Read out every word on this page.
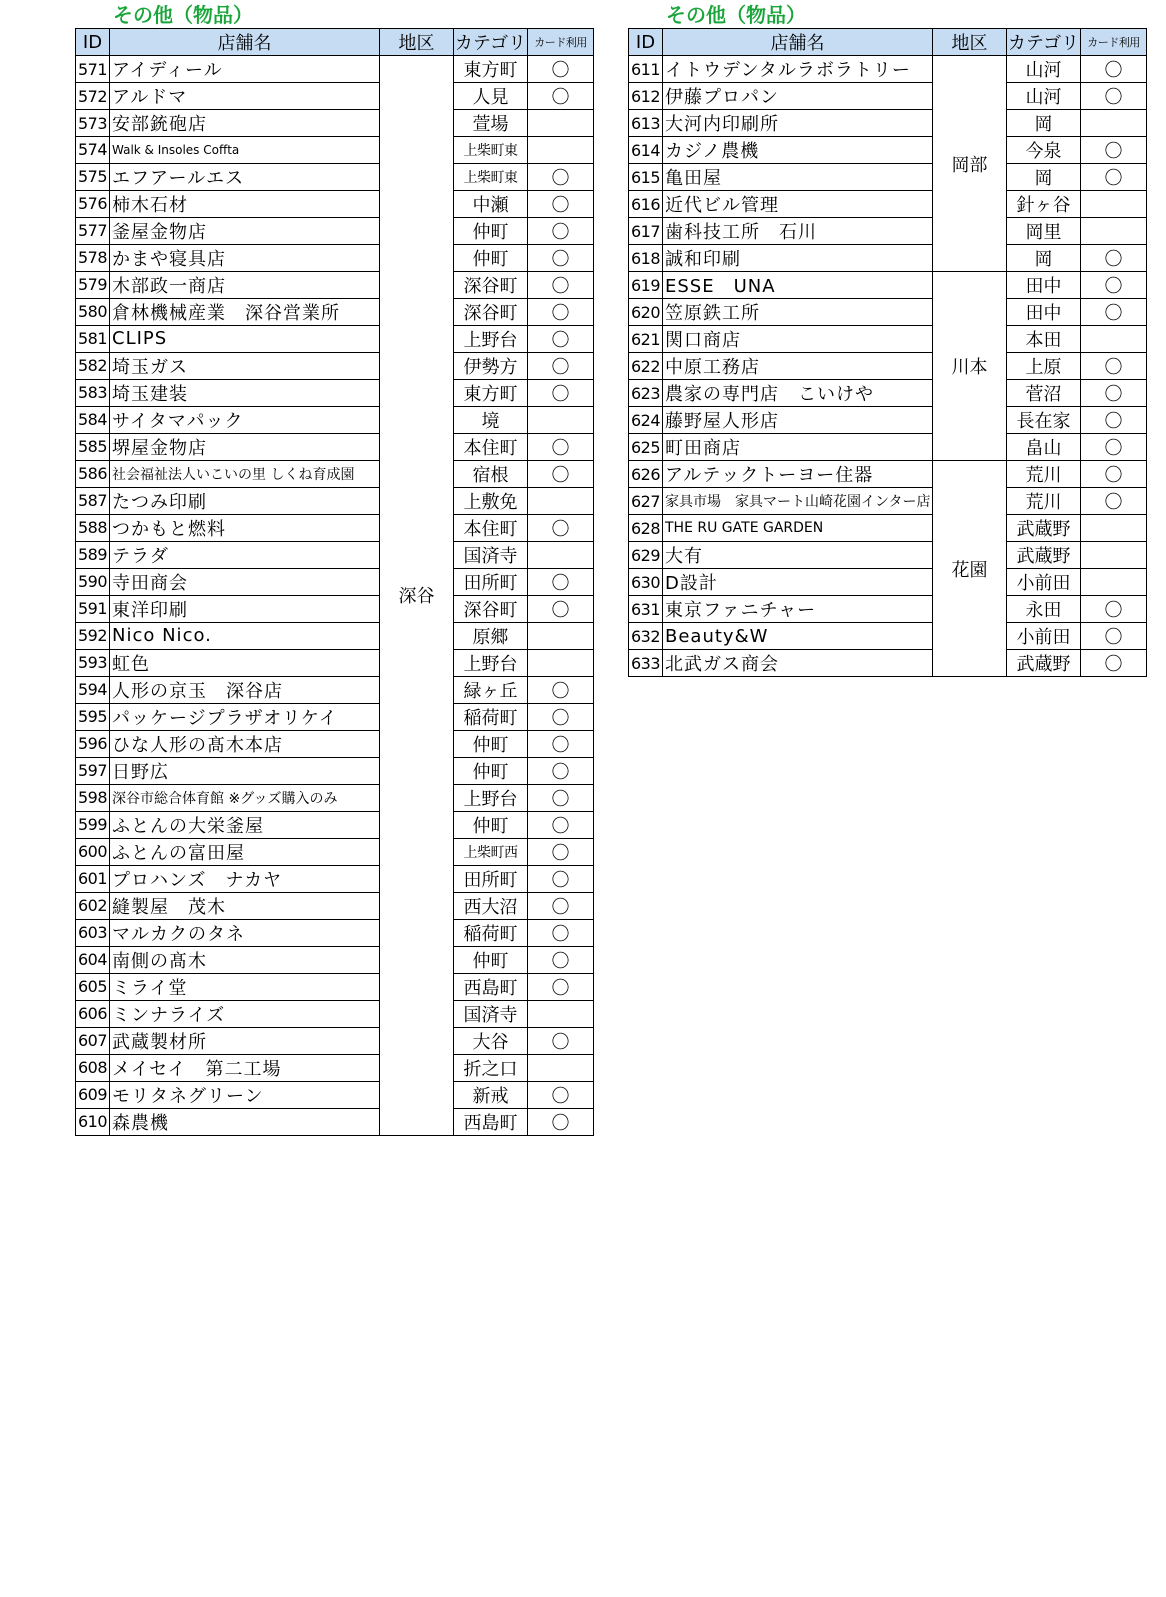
その他（物品）
ID	店舗名	地区	カテゴリ	カード利用
571	アイディール	深谷	東方町	〇
572	アルドマ		人見	〇
573	安部銃砲店		萱場	
574	Walk & Insoles Coffta		上柴町東	
575	エフアールエス		上柴町東	〇
576	柿木石材		中瀬	〇
577	釜屋金物店		仲町	〇
578	かまや寝具店		仲町	〇
579	木部政一商店		深谷町	〇
580	倉林機械産業　深谷営業所		深谷町	〇
581	CLIPS		上野台	〇
582	埼玉ガス		伊勢方	〇
583	埼玉建装		東方町	〇
584	サイタマパック		境	
585	堺屋金物店		本住町	〇
586	社会福祉法人いこいの里 しくね育成園		宿根	〇
587	たつみ印刷		上敷免	
588	つかもと燃料		本住町	〇
589	テラダ		国済寺	
590	寺田商会		田所町	〇
591	東洋印刷		深谷町	〇
592	Nico Nico.		原郷	
593	虹色		上野台	
594	人形の京玉　深谷店		緑ヶ丘	〇
595	パッケージプラザオリケイ		稲荷町	〇
596	ひな人形の髙木本店		仲町	〇
597	日野広		仲町	〇
598	深谷市総合体育館 ※グッズ購入のみ		上野台	〇
599	ふとんの大栄釜屋		仲町	〇
600	ふとんの富田屋		上柴町西	〇
601	プロハンズ　ナカヤ		田所町	〇
602	縫製屋　茂木		西大沼	〇
603	マルカクのタネ		稲荷町	〇
604	南側の髙木		仲町	〇
605	ミライ堂		西島町	〇
606	ミンナライズ		国済寺	
607	武蔵製材所		大谷	〇
608	メイセイ　第二工場		折之口	
609	モリタネグリーン		新戒	〇
610	森農機		西島町	〇
その他（物品）
ID	店舗名	地区	カテゴリ	カード利用
611	イトウデンタルラボラトリー	岡部	山河	〇
612	伊藤プロパン		山河	〇
613	大河内印刷所		岡	
614	カジノ農機		今泉	〇
615	亀田屋		岡	〇
616	近代ビル管理		針ヶ谷	
617	歯科技工所　石川		岡里	
618	誠和印刷		岡	〇
619	ESSE　UNA	川本	田中	〇
620	笠原鉄工所		田中	〇
621	関口商店		本田	
622	中原工務店		上原	〇
623	農家の専門店　こいけや		菅沼	〇
624	藤野屋人形店		長在家	〇
625	町田商店		畠山	〇
626	アルテックトーヨー住器	花園	荒川	〇
627	家具市場　家具マート山崎花園インター店		荒川	〇
628	THE RU GATE GARDEN		武蔵野	
629	大有		武蔵野	
630	D設計		小前田	
631	東京ファニチャー		永田	〇
632	Beauty&W		小前田	〇
633	北武ガス商会		武蔵野	〇
